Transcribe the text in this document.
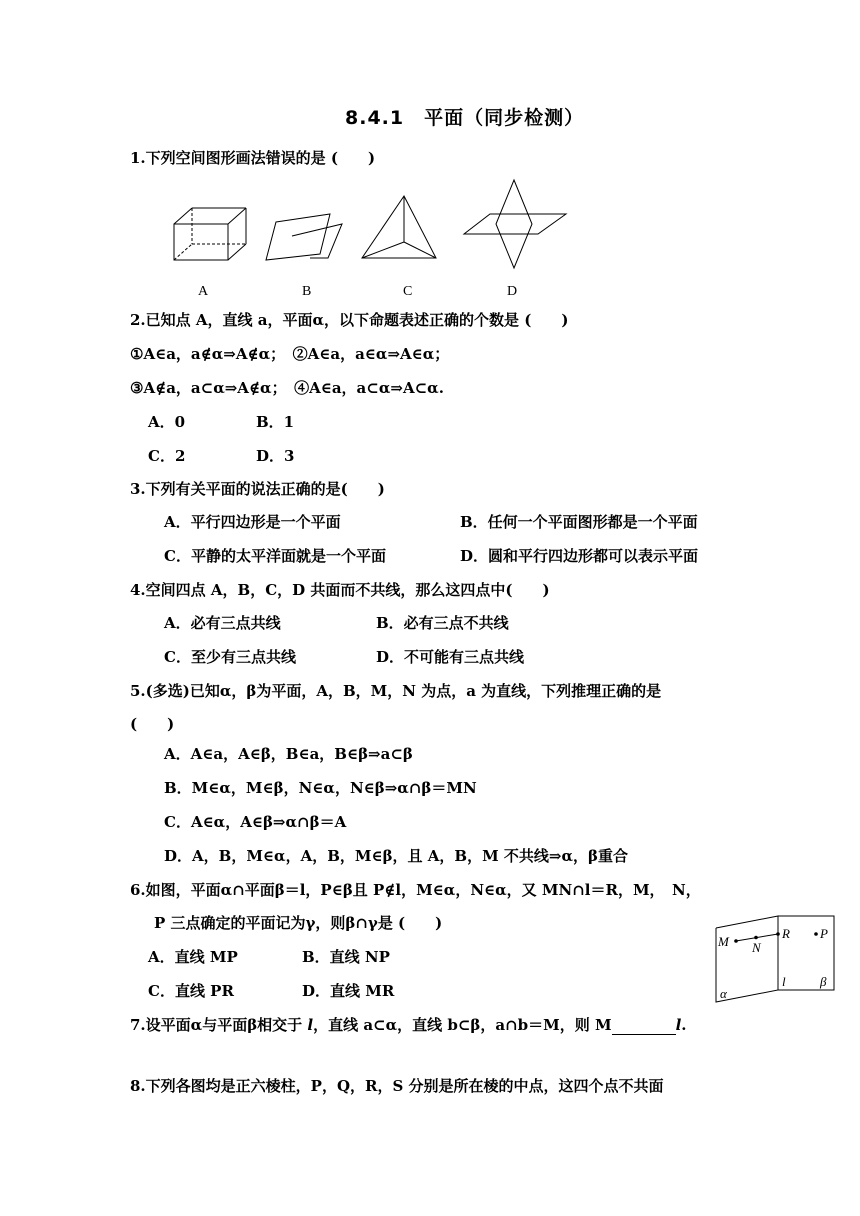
8.4.1　平面（同步检测）
1.下列空间图形画法错误的是 (　　)
A	B	C	D
2.已知点 A，直线 a，平面α，以下命题表述正确的个数是 (　　)
①A∈a，a∉α⇒A∉α；　②A∈a，a∈α⇒A∈α；
③A∉a，a⊂α⇒A∉α；　④A∈a，a⊂α⇒A⊂α.
A．0	B．1
C．2	D．3
3.下列有关平面的说法正确的是(　　)
A．平行四边形是一个平面	B．任何一个平面图形都是一个平面
C．平静的太平洋面就是一个平面	D．圆和平行四边形都可以表示平面
4.空间四点 A，B，C，D 共面而不共线，那么这四点中(　　)
A．必有三点共线	B．必有三点不共线
C．至少有三点共线	D．不可能有三点共线
5.(多选)已知α，β为平面，A，B，M，N 为点，a 为直线，下列推理正确的是
(　　)
A．A∈a，A∈β，B∈a，B∈β⇒a⊂β
B．M∈α，M∈β，N∈α，N∈β⇒α∩β＝MN
C．A∈α，A∈β⇒α∩β＝A
D．A，B，M∈α，A，B，M∈β，且 A，B，M 不共线⇒α，β重合
6.如图，平面α∩平面β＝l，P∈β且 P∉l，M∈α，N∈α，又 MN∩l＝R，M，　N，
P 三点确定的平面记为γ，则β∩γ是 (　　)
A．直线 MP	B．直线 NP
C．直线 PR	D．直线 MR
M N
R P
l	β
α
7.设平面α与平面β相交于 l，直线 a⊂α，直线 b⊂β，a∩b＝M，则 M	l.
8.下列各图均是正六棱柱，P，Q，R，S 分别是所在棱的中点，这四个点不共面
